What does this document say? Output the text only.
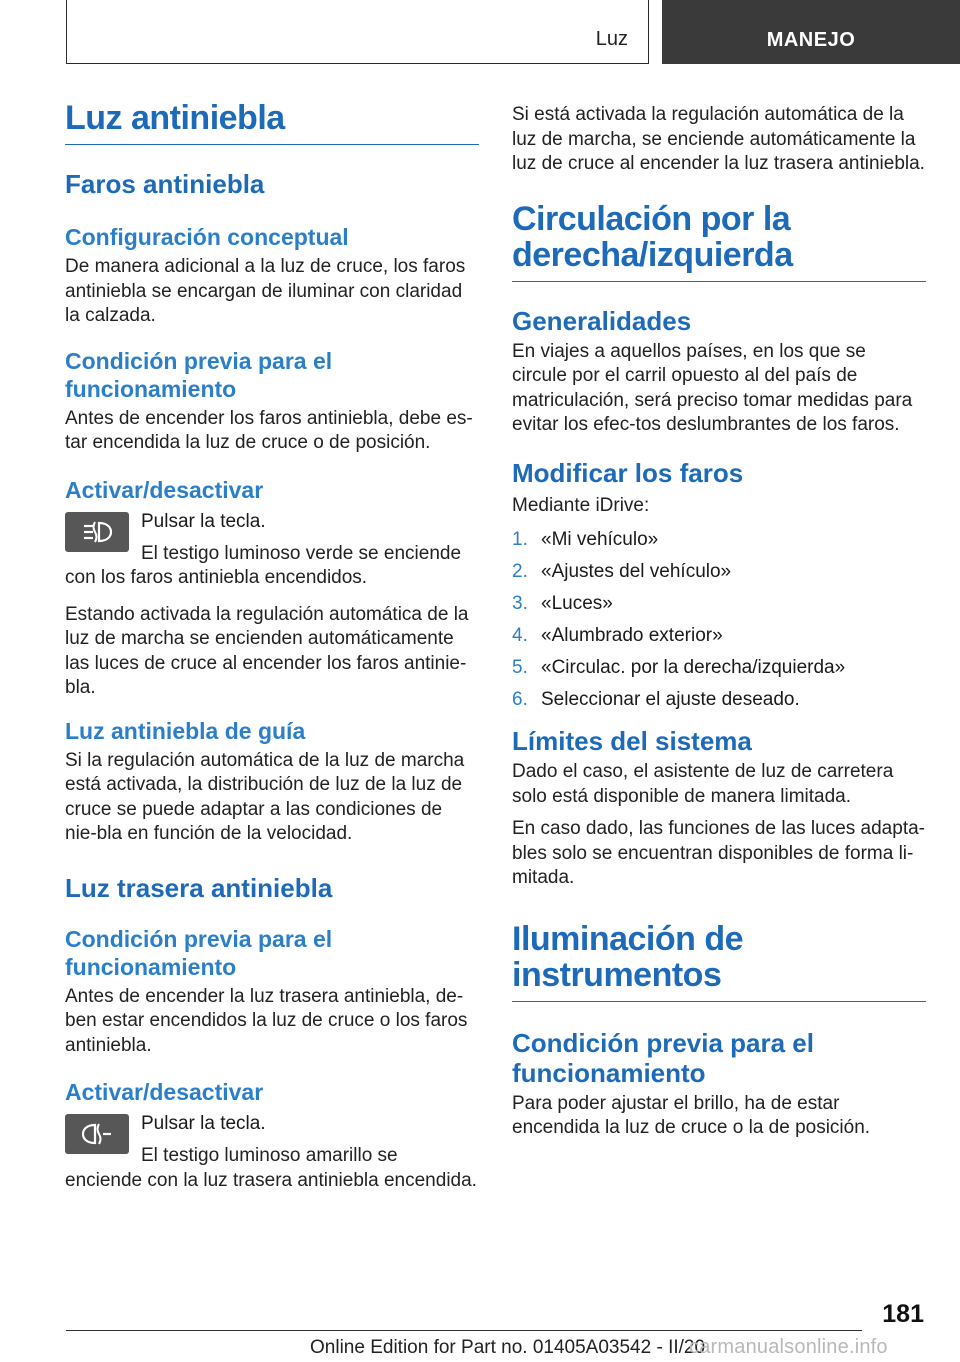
Luz	MANEJO
Luz antiniebla
Faros antiniebla
Configuración conceptual

De manera adicional a la luz de cruce, los faros antiniebla se encargan de iluminar con claridad la calzada.

Condición previa para el funcionamiento

Antes de encender los faros antiniebla, debe es-tar encendida la luz de cruce o de posición.

Activar/desactivar
Pulsar la tecla.

El testigo luminoso verde se enciende con los faros antiniebla encendidos.

Estando activada la regulación automática de la luz de marcha se encienden automáticamente las luces de cruce al encender los faros antinie-bla.

Luz antiniebla de guía

Si la regulación automática de la luz de marcha está activada, la distribución de luz de la luz de cruce se puede adaptar a las condiciones de nie-bla en función de la velocidad.

Luz trasera antiniebla
Condición previa para el funcionamiento

Antes de encender la luz trasera antiniebla, de-ben estar encendidos la luz de cruce o los faros antiniebla.

Activar/desactivar
Pulsar la tecla.

El testigo luminoso amarillo se enciende con la luz trasera antiniebla encendida.

Si está activada la regulación automática de la luz de marcha, se enciende automáticamente la luz de cruce al encender la luz trasera antiniebla.

Circulación por la derecha/izquierda
Generalidades

En viajes a aquellos países, en los que se circule por el carril opuesto al del país de matriculación, será preciso tomar medidas para evitar los efec-tos deslumbrantes de los faros.

Modificar los faros

Mediante iDrive:

1. «Mi vehículo»
2. «Ajustes del vehículo»
3. «Luces»
4. «Alumbrado exterior»
5. «Circulac. por la derecha/izquierda»
6. Seleccionar el ajuste deseado.
Límites del sistema

Dado el caso, el asistente de luz de carretera solo está disponible de manera limitada.

En caso dado, las funciones de las luces adapta-bles solo se encuentran disponibles de forma li-mitada.

Iluminación de instrumentos
Condición previa para el funcionamiento

Para poder ajustar el brillo, ha de estar encendida la luz de cruce o la de posición.

181
Online Edition for Part no. 01405A03542 - II/20
carmanualsonline.info
